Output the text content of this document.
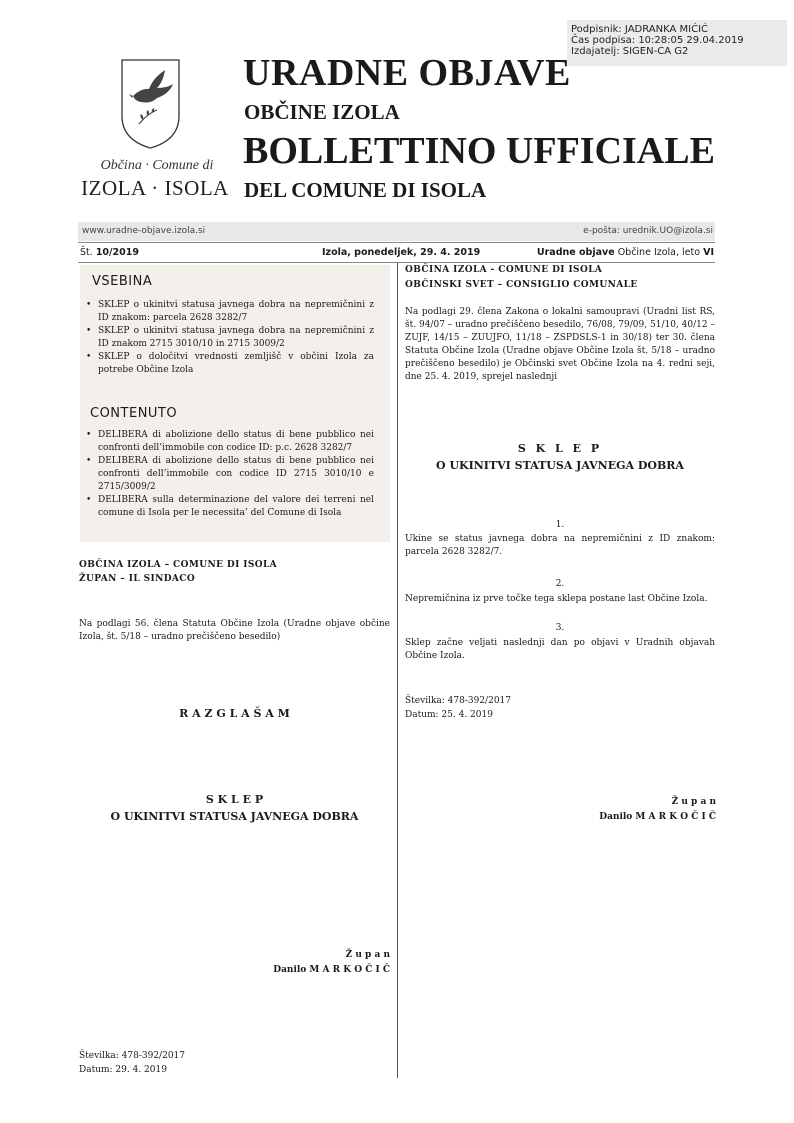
Podpisnik: JADRANKA MIĆIĆ
Čas podpisa: 10:28:05 29.04.2019
Izdajatelj: SIGEN-CA G2
Občina · Comune di
IZOLA · ISOLA
URADNE OBJAVE
OBČINE IZOLA
BOLLETTINO UFFICIALE
DEL COMUNE DI ISOLA
www.uradne-objave.izola.si	e-pošta: urednik.UO@izola.si
Št. 10/2019	Izola, ponedeljek, 29. 4. 2019	Uradne objave Občine Izola, leto VI
VSEBINA
• SKLEP o ukinitvi statusa javnega dobra na nepremičnini z ID znakom: parcela 2628 3282/7
• SKLEP o ukinitvi statusa javnega dobra na nepremičnini z ID znakom 2715 3010/10 in 2715 3009/2
• SKLEP o določitvi vrednosti zemljišč v občini Izola za potrebe Občine Izola
CONTENUTO
• DELIBERA di abolizione dello status di bene pubblico nei confronti dell’immobile con codice ID: p.c. 2628 3282/7
• DELIBERA di abolizione dello status di bene pubblico nei confronti dell’immobile con codice ID 2715 3010/10 e 2715/3009/2
• DELIBERA sulla determinazione del valore dei terreni nel comune di Isola per le necessita’ del Comune di Isola
OBČINA IZOLA – COMUNE DI ISOLA
ŽUPAN – IL SINDACO
Na podlagi 56. člena Statuta Občine Izola (Uradne objave občine Izola, št. 5/18 – uradno prečiščeno besedilo)
R A Z G L A Š A M
S K L E P
O UKINITVI STATUSA JAVNEGA DOBRA
Ž u p a n
Danilo M A R K O Č I Č
Številka: 478-392/2017
Datum: 29. 4. 2019
OBČINA IZOLA - COMUNE DI ISOLA
OBČINSKI SVET – CONSIGLIO COMUNALE
Na podlagi 29. člena Zakona o lokalni samoupravi (Uradni list RS, št. 94/07 – uradno prečiščeno besedilo, 76/08, 79/09, 51/10, 40/12 – ZUJF, 14/15 – ZUUJFO, 11/18 – ZSPDSLS-1 in 30/18) ter 30. člena Statuta Občine Izola (Uradne objave Občine Izola št. 5/18 – uradno prečiščeno besedilo) je Občinski svet Občine Izola na 4. redni seji, dne 25. 4. 2019, sprejel naslednji
S K L E P
O UKINITVI STATUSA JAVNEGA DOBRA
1.
Ukine se status javnega dobra na nepremičnini z ID znakom: parcela 2628 3282/7.
2.
Nepremičnina iz prve točke tega sklepa postane last Občine Izola.
3.
Sklep začne veljati naslednji dan po objavi v Uradnih objavah Občine Izola.
Številka: 478-392/2017
Datum: 25. 4. 2019
Ž u p a n
Danilo M A R K O Č I Č
